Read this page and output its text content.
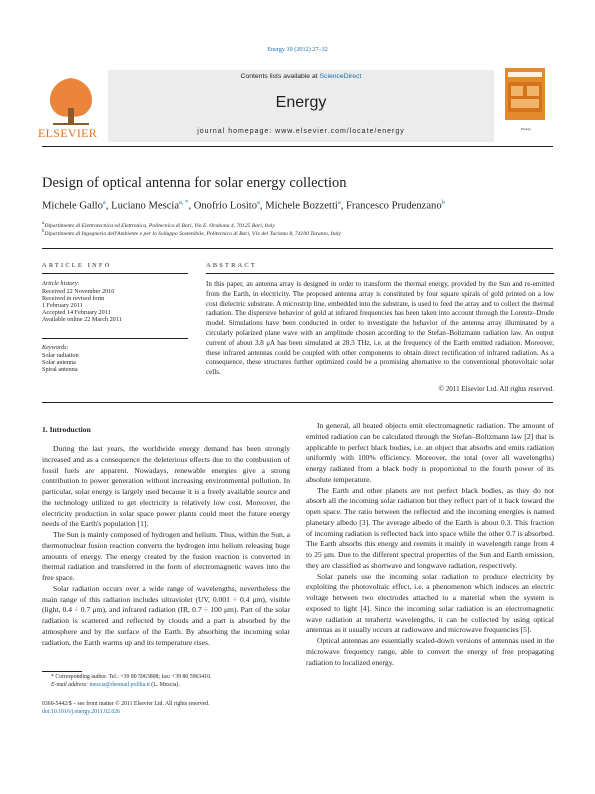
Energy 39 (2012) 27–32
ELSEVIER
Contents lists available at ScienceDirect
Energy
journal homepage: www.elsevier.com/locate/energy	Energy
Design of optical antenna for solar energy collection
Michele Gallo$^a$, Luciano Mescia$^{a, *}$, Onofrio Losito$^a$, Michele Bozzetti$^a$, Francesco Prudenzano$^b$
$^a$Dipartimento di Elettrotecnica ed Elettronica, Politecnico di Bari, Via E. Orabona 4, 70125 Bari, Italy
$^b$Dipartimento di Ingegneria dell'Ambiente e per lo Sviluppo Sostenibile, Politecnico di Bari, V.le del Turismo 8, 74100 Taranto, Italy
ARTICLE INFO
Article history:
Received 22 November 2010
Received in revised form
1 February 2011
Accepted 14 February 2011
Available online 22 March 2011
Keywords:
Solar radiation
Solar antenna
Spiral antenna
ABSTRACT
In this paper, an antenna array is designed in order to transform the thermal energy, provided by the Sun and re-emitted from the Earth, in electricity. The proposed antenna array is constituted by four square spirals of gold printed on a low cost dielectric substrate. A microstrip line, embedded into the substrate, is used to feed the array and to collect the thermal radiation. The dispersive behavior of gold at infrared frequencies has been taken into account through the Lorentz–Drude model. Simulations have been conducted in order to investigate the behavior of the antenna array illuminated by a circularly polarized plane wave with an amplitude chosen according to the Stefan–Boltzmann radiation law. An output current of about 3.8 μA has been simulated at 28.3 THz, i.e. at the frequency of the Earth emitted radiation. Moreover, these infrared antennas could be coupled with other components to obtain direct rectification of infrared radiation. As a consequence, these structures further optimized could be a promising alternative to the conventional photovoltaic solar cells.
© 2011 Elsevier Ltd. All rights reserved.
1. Introduction

During the last years, the worldwide energy demand has been strongly increased and as a consequence the deleterious effects due to the combustion of fossil fuels are apparent. Nowadays, renewable energies give a strong contribution to power generation without increasing environmental pollution. In particular, solar energy is largely used because it is a freely available source and the technology utilized to get electricity is relatively low cost. Moreover, the electricity production in solar space power plants could meet the future energy needs of the Earth's population [1].

The Sun is mainly composed of hydrogen and helium. Thus, within the Sun, a thermonuclear fusion reaction converts the hydrogen into helium releasing huge amounts of energy. The energy created by the fusion reaction is converted in thermal radiation and transferred in the form of electromagnetic waves into the free space.

Solar radiation occurs over a wide range of wavelengths, nevertheless the main range of this radiation includes ultraviolet (UV, 0.001 ÷ 0.4 μm), visible (light, 0.4 ÷ 0.7 μm), and infrared radiation (IR, 0.7 ÷ 100 μm). Part of the solar radiation is scattered and reflected by clouds and a part is absorbed by the atmosphere and by the surface of the Earth. By absorbing the incoming solar radiation, the Earth warms up and its temperature rises.

In general, all heated objects emit electromagnetic radiation. The amount of emitted radiation can be calculated through the Stefan–Boltzmann law [2] that is applicable to perfect black bodies, i.e. an object that absorbs and emits radiation uniformly with 100% efficiency. Moreover, the total (over all wavelengths) energy radiated from a black body is proportional to the fourth power of its absolute temperature.

The Earth and other planets are not perfect black bodies, as they do not absorb all the incoming solar radiation but they reflect part of it back toward the open space. The ratio between the reflected and the incoming energies is named planetary albedo [3]. The average albedo of the Earth is about 0.3. This fraction of incoming radiation is reflected back into space while the other 0.7 is absorbed. The Earth absorbs this energy and reemits it mainly in wavelength range from 4 to 25 μm. Due to the different spectral properties of the Sun and Earth emission, they are classified as shortwave and longwave radiation, respectively.

Solar panels use the incoming solar radiation to produce electricity by exploiting the photovoltaic effect, i.e. a phenomenon which induces an electric voltage between two electrodes attached to a material when the system is exposed to light [4]. Since the incoming solar radiation is an electromagnetic wave radiation at terahertz wavelengths, it can be collected by using optical antennas as it usually occurs at radiowave and microwave frequencies [5].

Optical antennas are essentially scaled-down versions of antennas used in the microwave frequency range, able to convert the energy of free propagating radiation to localized energy.

* Corresponding author. Tel.: +39 80 5963808; fax: +39 80 5963410.
E-mail address: mescia@deemail.poliba.it (L. Mescia).
0360-5442/$ – see front matter © 2011 Elsevier Ltd. All rights reserved.
doi:10.1016/j.energy.2011.02.026
